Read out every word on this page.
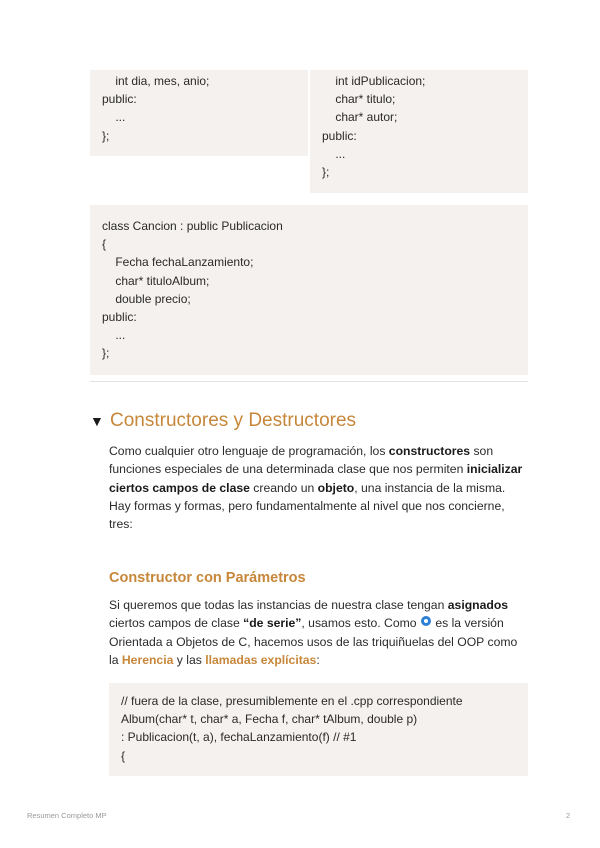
int dia, mes, anio;
public:
...
};
int idPublicacion;
char* titulo;
char* autor;
public:
...
};
class Cancion : public Publicacion
{
Fecha fechaLanzamiento;
char* tituloAlbum;
double precio;
public:
...
};
▼ Constructores y Destructores
Como cualquier otro lenguaje de programación, los constructores son funciones especiales de una determinada clase que nos permiten inicializar ciertos campos de clase creando un objeto, una instancia de la misma. Hay formas y formas, pero fundamentalmente al nivel que nos concierne, tres:
Constructor con Parámetros
Si queremos que todas las instancias de nuestra clase tengan asignados ciertos campos de clase “de serie”, usamos esto. Como  es la versión Orientada a Objetos de C, hacemos usos de las triquiñuelas del OOP como la Herencia y las llamadas explícitas:
// fuera de la clase, presumiblemente en el .cpp correspondiente
Album(char* t, char* a, Fecha f, char* tAlbum, double p)
: Publicacion(t, a), fechaLanzamiento(f) // #1
{
Resumen Completo MP	2
